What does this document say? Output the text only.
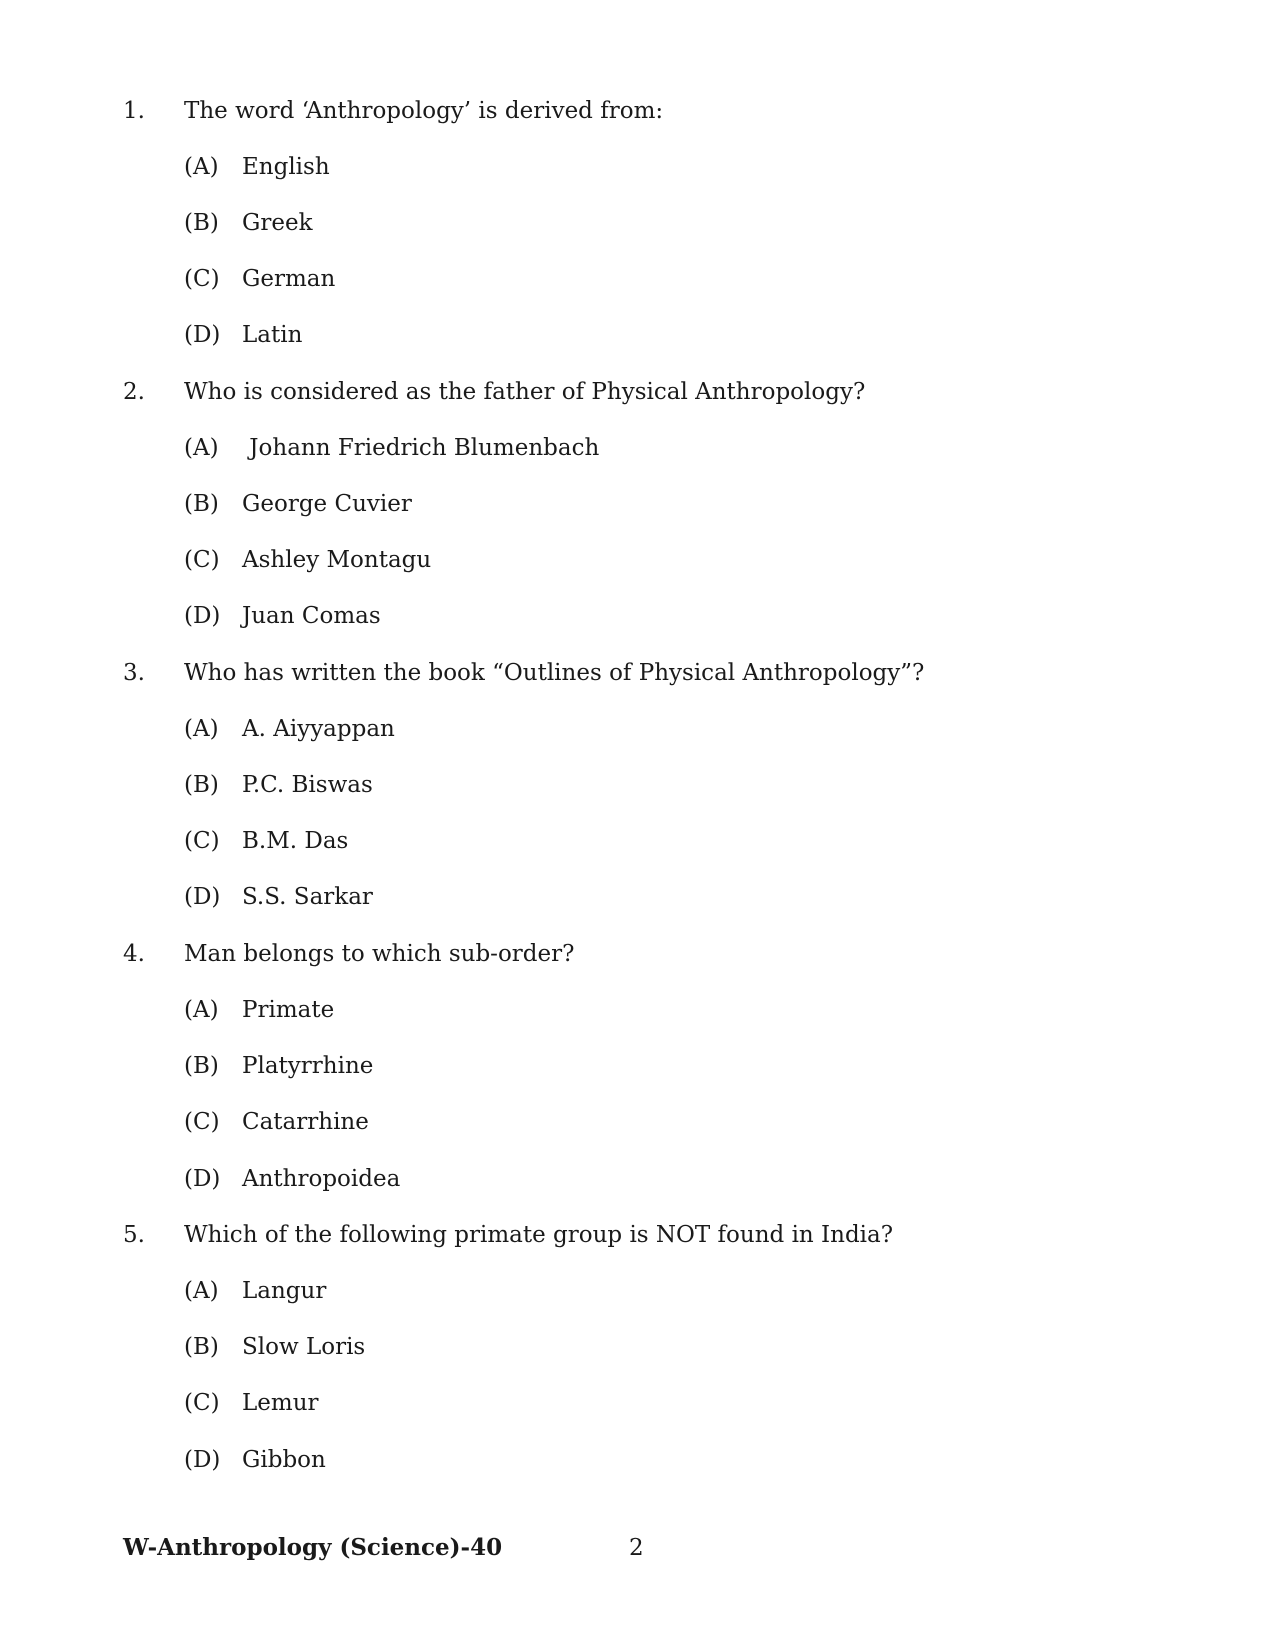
1. The word ‘Anthropology’ is derived from:
(A) English
(B) Greek
(C) German
(D) Latin
2. Who is considered as the father of Physical Anthropology?
(A) Johann Friedrich Blumenbach
(B) George Cuvier
(C) Ashley Montagu
(D) Juan Comas
3. Who has written the book “Outlines of Physical Anthropology”?
(A) A. Aiyyappan
(B) P.C. Biswas
(C) B.M. Das
(D) S.S. Sarkar
4. Man belongs to which sub-order?
(A) Primate
(B) Platyrrhine
(C) Catarrhine
(D) Anthropoidea
5. Which of the following primate group is NOT found in India?
(A) Langur
(B) Slow Loris
(C) Lemur
(D) Gibbon
W-Anthropology (Science)-40	2
